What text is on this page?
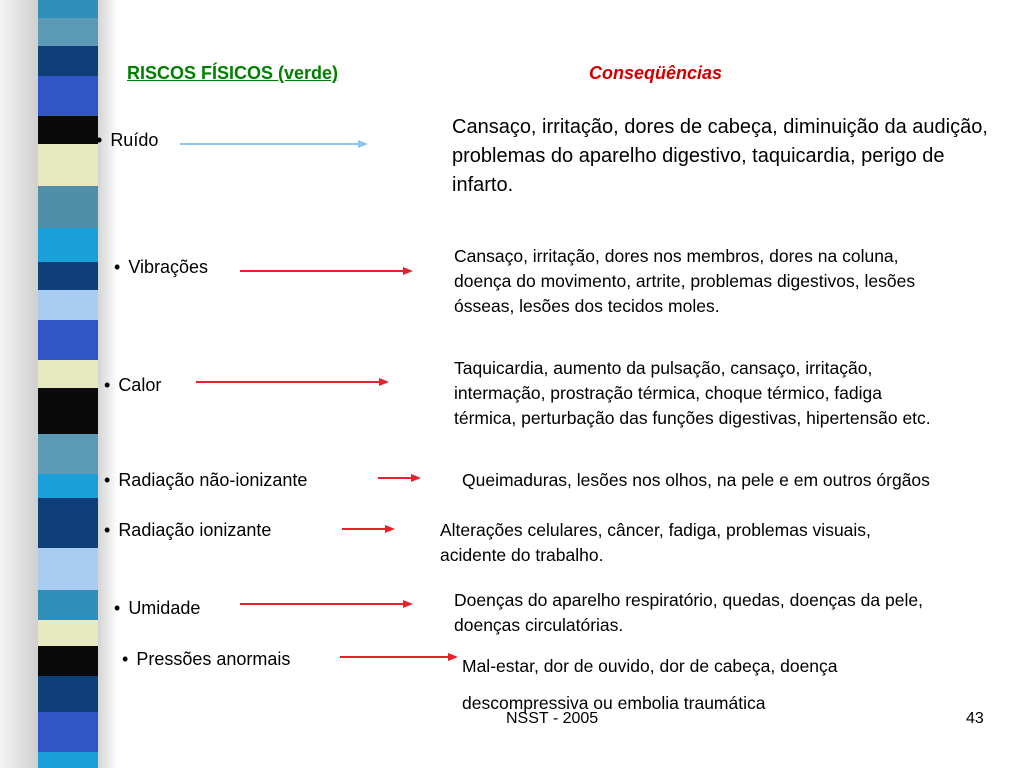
RISCOS FÍSICOS (verde)	Conseqüências
• Ruído
Cansaço, irritação, dores de cabeça, diminuição da audição, problemas do aparelho digestivo, taquicardia, perigo de infarto.
• Vibrações
Cansaço, irritação, dores nos membros, dores na coluna, doença do movimento, artrite, problemas digestivos, lesões ósseas, lesões dos tecidos moles.
• Calor
Taquicardia, aumento da pulsação, cansaço, irritação, intermação, prostração térmica, choque térmico, fadiga térmica, perturbação das funções digestivas, hipertensão etc.
• Radiação não-ionizante	Queimaduras, lesões nos olhos, na pele e em outros órgãos
• Radiação ionizante	Alterações celulares, câncer, fadiga, problemas visuais, acidente do trabalho.
• Umidade	Doenças do aparelho respiratório, quedas, doenças da pele, doenças circulatórias.
• Pressões anormais	Mal-estar, dor de ouvido, dor de cabeça, doença descompressiva ou embolia traumática
NSST - 2005	43
